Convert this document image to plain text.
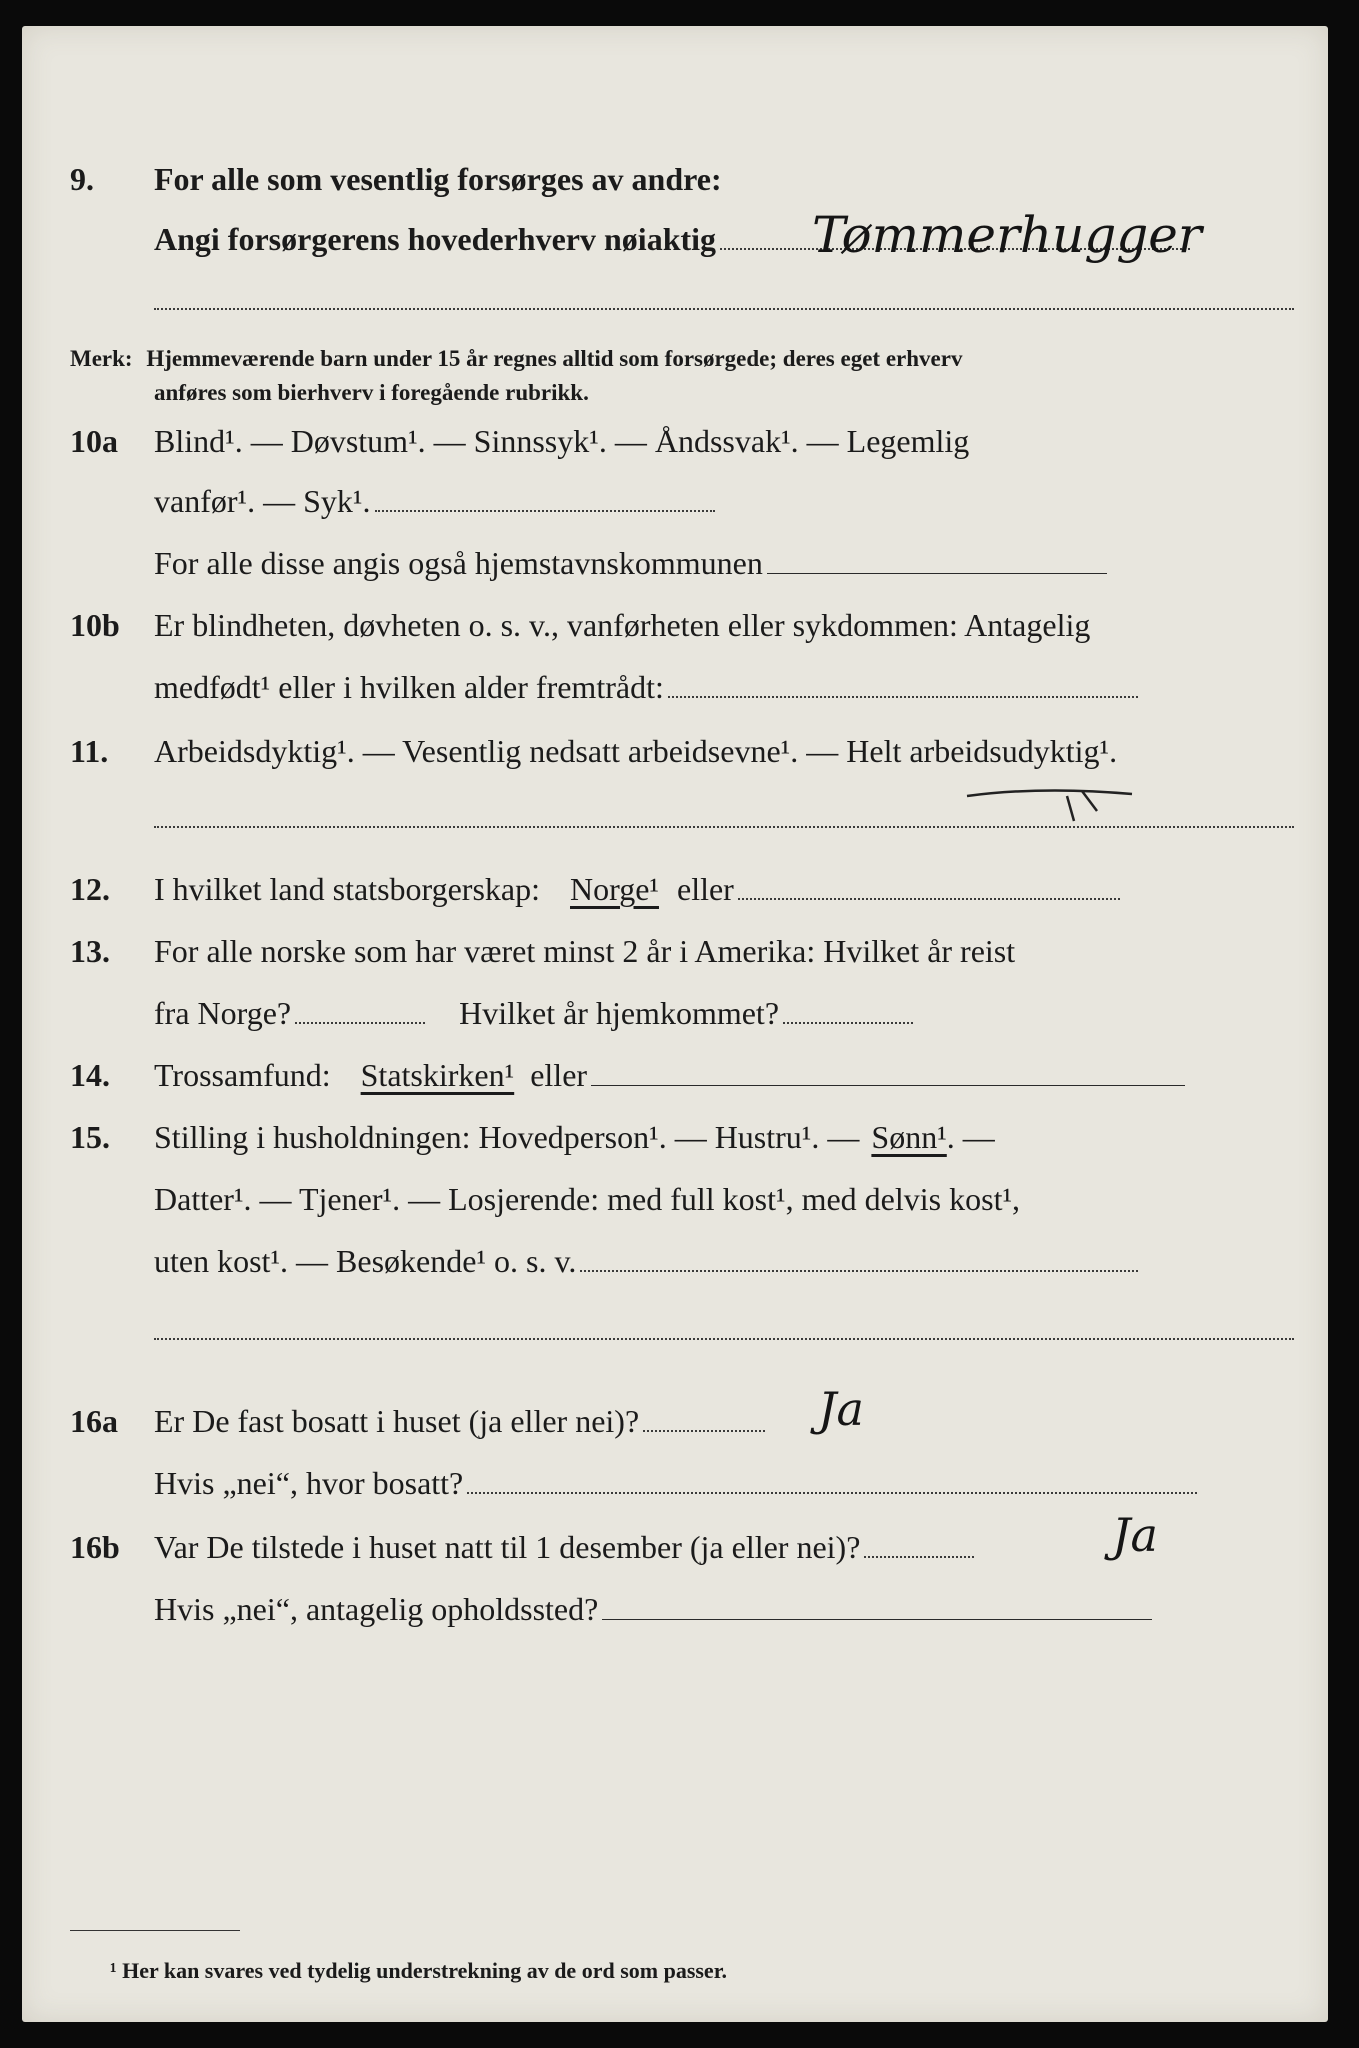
9. For alle som vesentlig forsørges av andre:
Angi forsørgerens hovederhverv nøiaktig Tømmerhugger
Merk: Hjemmeværende barn under 15 år regnes alltid som forsørgede; deres eget erhverv
anføres som bierhverv i foregående rubrikk.
10a Blind¹. — Døvstum¹. — Sinnssyk¹. — Åndssvak¹. — Legemlig
vanfør¹. — Syk¹.
For alle disse angis også hjemstavnskommunen
10b Er blindheten, døvheten o. s. v., vanførheten eller sykdommen: Antagelig
medfødt¹ eller i hvilken alder fremtrådt:
11. Arbeidsdyktig¹. — Vesentlig nedsatt arbeidsevne¹. — Helt arbeidsudyktig¹.
12. I hvilket land statsborgerskap: Norge¹ eller
13. For alle norske som har været minst 2 år i Amerika: Hvilket år reist
fra Norge?	Hvilket år hjemkommet?
14. Trossamfund: Statskirken¹ eller
15. Stilling i husholdningen: Hovedperson¹. — Hustru¹. — Sønn¹ . —
Datter¹. — Tjener¹. — Losjerende: med full kost¹, med delvis kost¹,
uten kost¹. — Besøkende¹ o. s. v.
16a Er De fast bosatt i huset (ja eller nei)?	Ja
Hvis „nei“, hvor bosatt?
16b Var De tilstede i huset natt til 1 desember (ja eller nei)?	Ja
Hvis „nei“, antagelig opholdssted?
¹ Her kan svares ved tydelig understrekning av de ord som passer.
